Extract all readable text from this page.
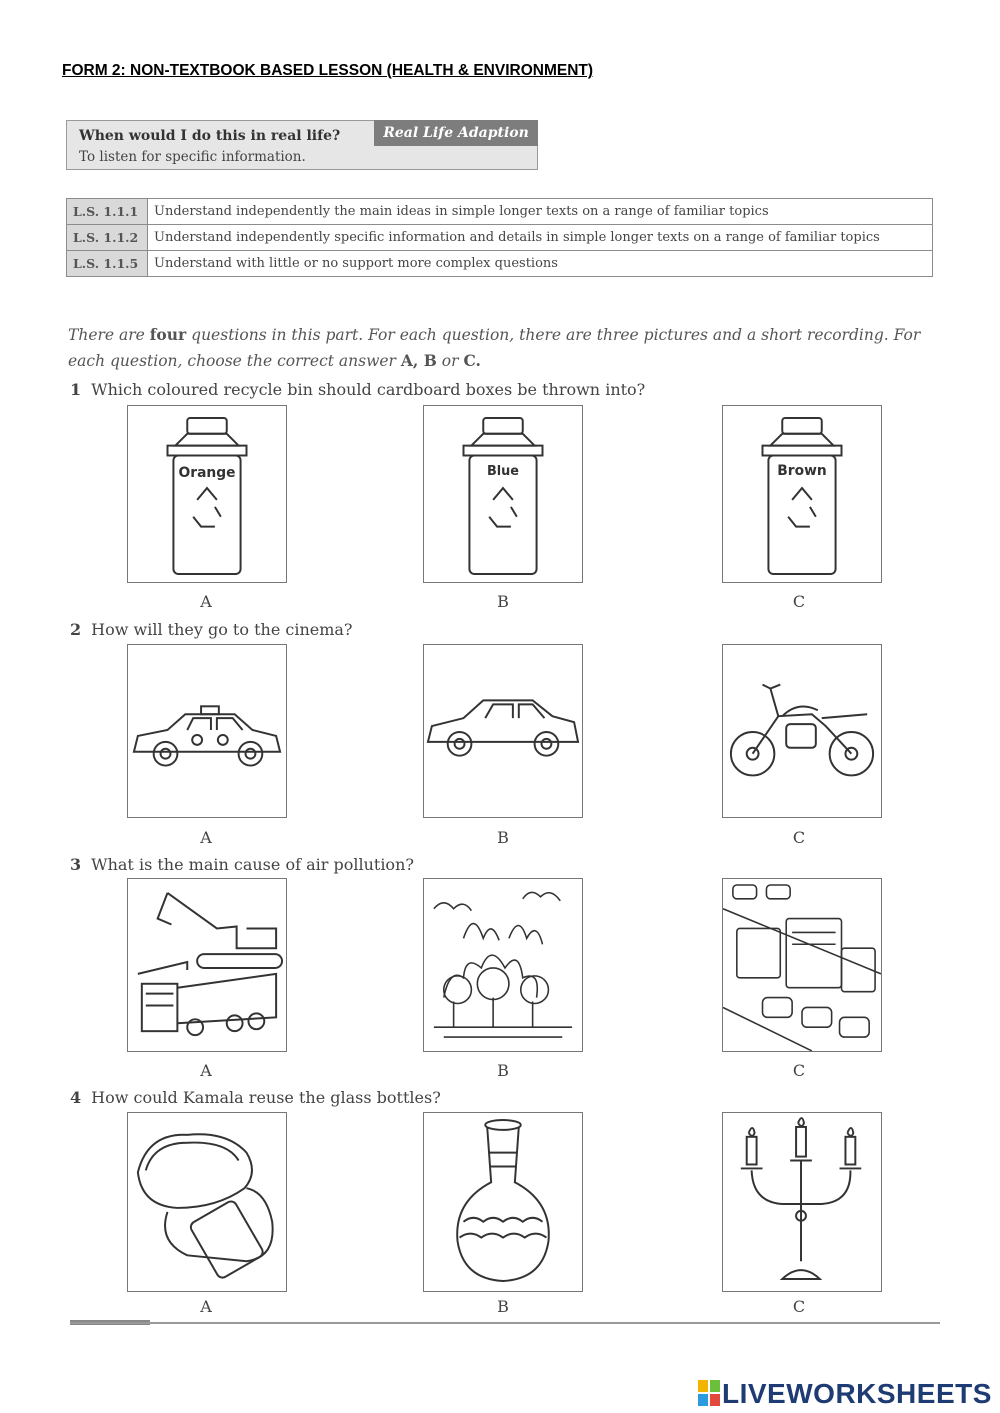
FORM 2: NON-TEXTBOOK BASED LESSON (HEALTH & ENVIRONMENT)
When would I do this in real life?
To listen for specific information.
Real Life Adaption
L.S. 1.1.1	Understand independently the main ideas in simple longer texts on a range of familiar topics
L.S. 1.1.2	Understand independently specific information and details in simple longer texts on a range of familiar topics
L.S. 1.1.5	Understand with little or no support more complex questions
There are four questions in this part. For each question, there are three pictures and a short recording. For each question, choose the correct answer A, B or C.
1 Which coloured recycle bin should cardboard boxes be thrown into?
Orange	Blue	Brown
A	B	C
2 How will they go to the cinema?
A	B	C
3 What is the main cause of air pollution?
A	B	C
4 How could Kamala reuse the glass bottles?
A	B	C
LIVEWORKSHEETS
